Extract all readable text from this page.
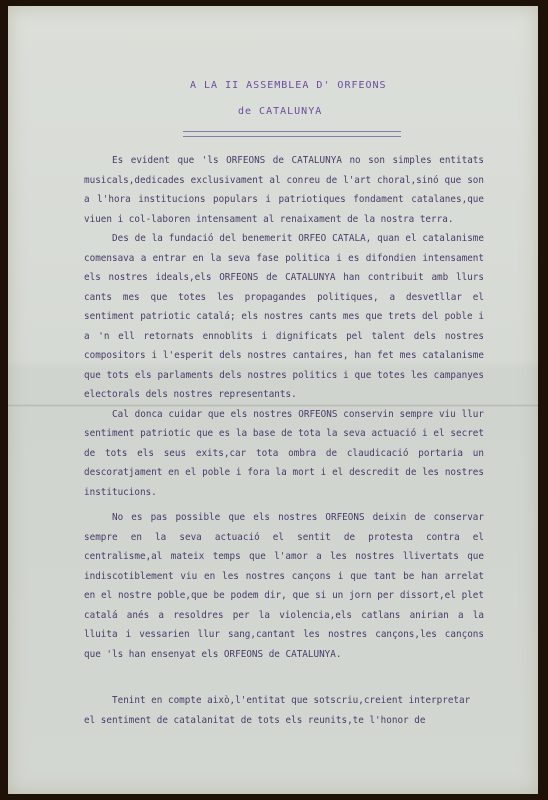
A LA II ASSEMBLEA D' ORFEONS
de CATALUNYA

Es evident que 'ls ORFEONS de CATALUNYA no son simples entitats musicals,dedicades exclusivament al conreu de l'art choral,sinó que son a l'hora institucions populars i patriotiques fondament catalanes,que viuen i col-laboren intensament al renaixament de la nostra terra.

Des de la fundació del benemerit ORFEO CATALA, quan el catalanisme comensava a entrar en la seva fase politica i es difondien intensament els nostres ideals,els ORFEONS de CATALUNYA han contribuit amb llurs cants mes que totes les propagandes politiques, a desvetllar el sentiment patriotic catalá; els nostres cants mes que trets del poble i a 'n ell retornats ennoblits i dignificats pel talent dels nostres compositors i l'esperit dels nostres cantaires, han fet mes catalanisme que tots els parlaments dels nostres politics i que totes les campanyes electorals dels nostres representants.

Cal donca cuidar que els nostres ORFEONS conservin sempre viu llur sentiment patriotic que es la base de tota la seva actuació i el secret de tots els seus exits,car tota ombra de claudicació portaria un descoratjament en el poble i fora la mort i el descredit de les nostres institucions.

No es pas possible que els nostres ORFEONS deixin de conservar sempre en la seva actuació el sentit de protesta contra el centralisme,al mateix temps que l'amor a les nostres llivertats que indiscotiblement viu en les nostres cançons i que tant be han arrelat en el nostre poble,que be podem dir, que si un jorn per dissort,el plet catalá anés a resoldres per la violencia,els catlans anirian a la lluita i vessarien llur sang,cantant les nostres cançons,les cançons que 'ls han ensenyat els ORFEONS de CATALUNYA.

Tenint en compte això,l'entitat que sotscriu,creient interpretar el sentiment de catalanitat de tots els reunits,te l'honor de
